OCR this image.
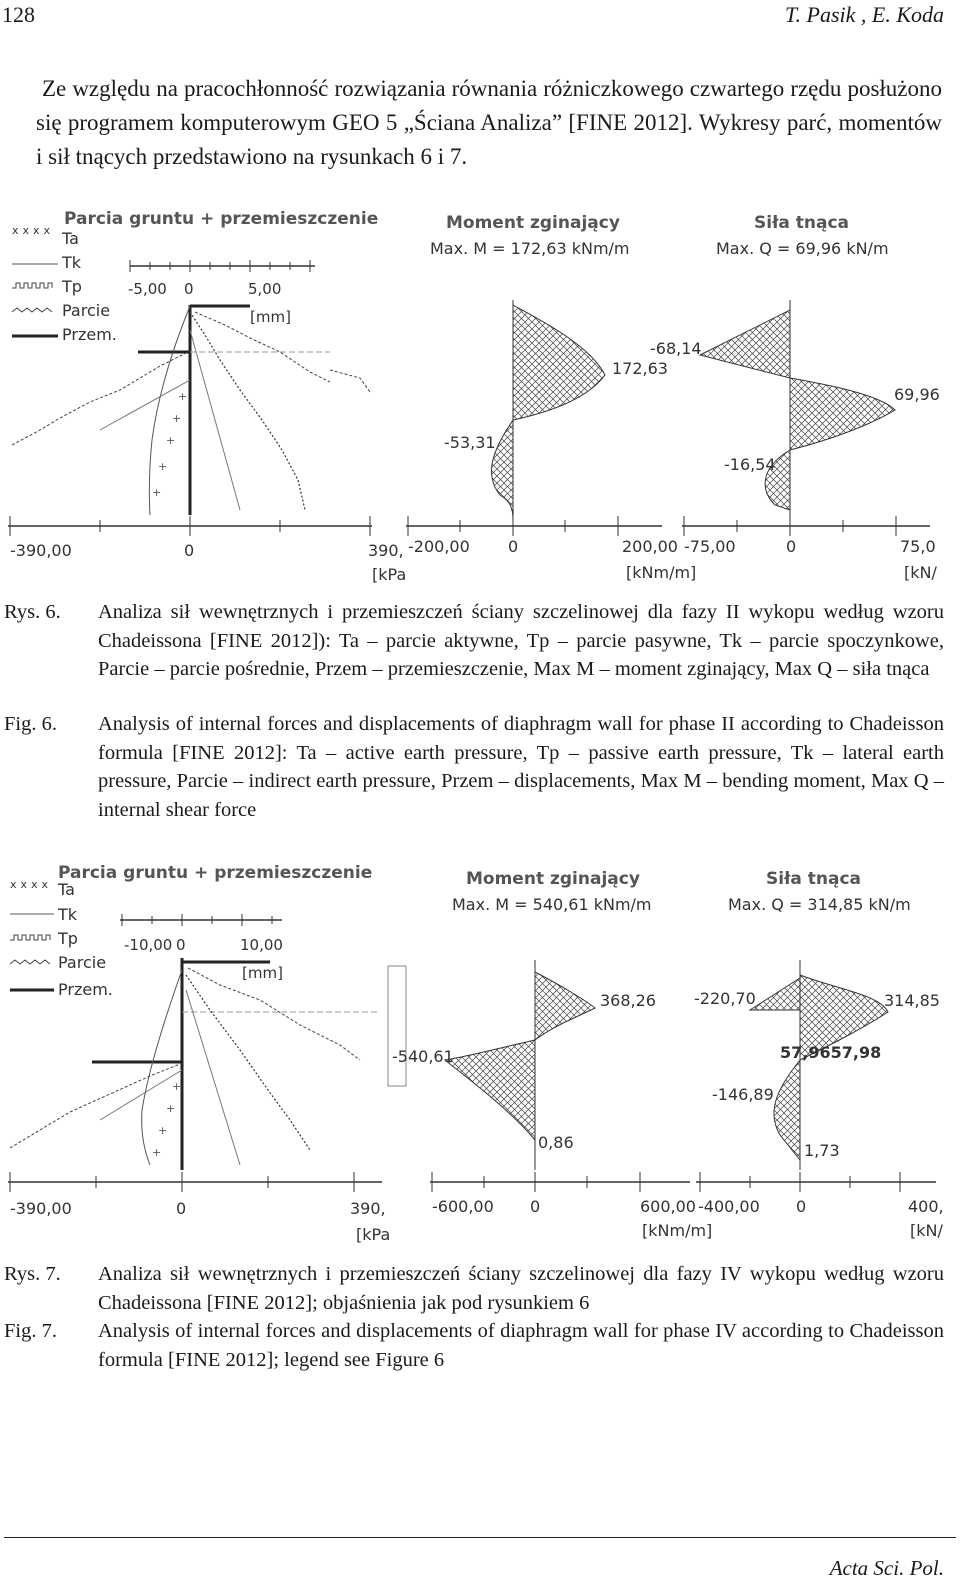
128	T. Pasik , E. Koda

Ze względu na pracochłonność rozwiązania równania różniczkowego czwartego rzędu posłużono się programem komputerowym GEO 5 „Ściana Analiza” [FINE 2012]. Wykresy parć, momentów i sił tnących przedstawiono na rysunkach 6 i 7.

Parcia gruntu + przemieszczenie
xxxx Ta
Tk
Tp
Parcie
Przem.
-5,00 0	5,00
[mm]
+ + + + +
-390,00	0	390,
[kPa
Moment zginający
Max. M = 172,63 kNm/m
172,63
-53,31
-200,00 0	200,00
[kNm/m]
Siła tnąca
Max. Q = 69,96 kN/m
-68,14
69,96
-16,54
-75,00	0	75,0
[kN/
Rys. 6. Analiza sił wewnętrznych i przemieszczeń ściany szczelinowej dla fazy II wykopu według wzoru Chadeissona [FINE 2012]): Ta – parcie aktywne, Tp – parcie pasywne, Tk – parcie spoczynkowe, Parcie – parcie pośrednie, Przem – przemieszczenie, Max M – moment zginający, Max Q – siła tnąca
Fig. 6. Analysis of internal forces and displacements of diaphragm wall for phase II according to Chadeisson formula [FINE 2012]: Ta – active earth pressure, Tp – passive earth pressure, Tk – lateral earth pressure, Parcie – indirect earth pressure, Przem – displacements, Max M – bending moment, Max Q – internal shear force
Parcia gruntu + przemieszczenie
xxxx Ta
Tk
Tp
Parcie
Przem.
-10,00 0	10,00
[mm]
+ + + +
-390,00	0	390,
[kPa
Moment zginający
Max. M = 540,61 kNm/m
368,26
-540,61
0,86
-600,00 0	600,00
[kNm/m]
Siła tnąca
Max. Q = 314,85 kN/m
-220,70	314,85
57,9657,98
-146,89
1,73
-400,00 0	400,
[kN/
Rys. 7. Analiza sił wewnętrznych i przemieszczeń ściany szczelinowej dla fazy IV wykopu według wzoru Chadeissona [FINE 2012]; objaśnienia jak pod rysunkiem 6
Fig. 7. Analysis of internal forces and displacements of diaphragm wall for phase IV according to Chadeisson formula [FINE 2012]; legend see Figure 6
Acta Sci. Pol.
